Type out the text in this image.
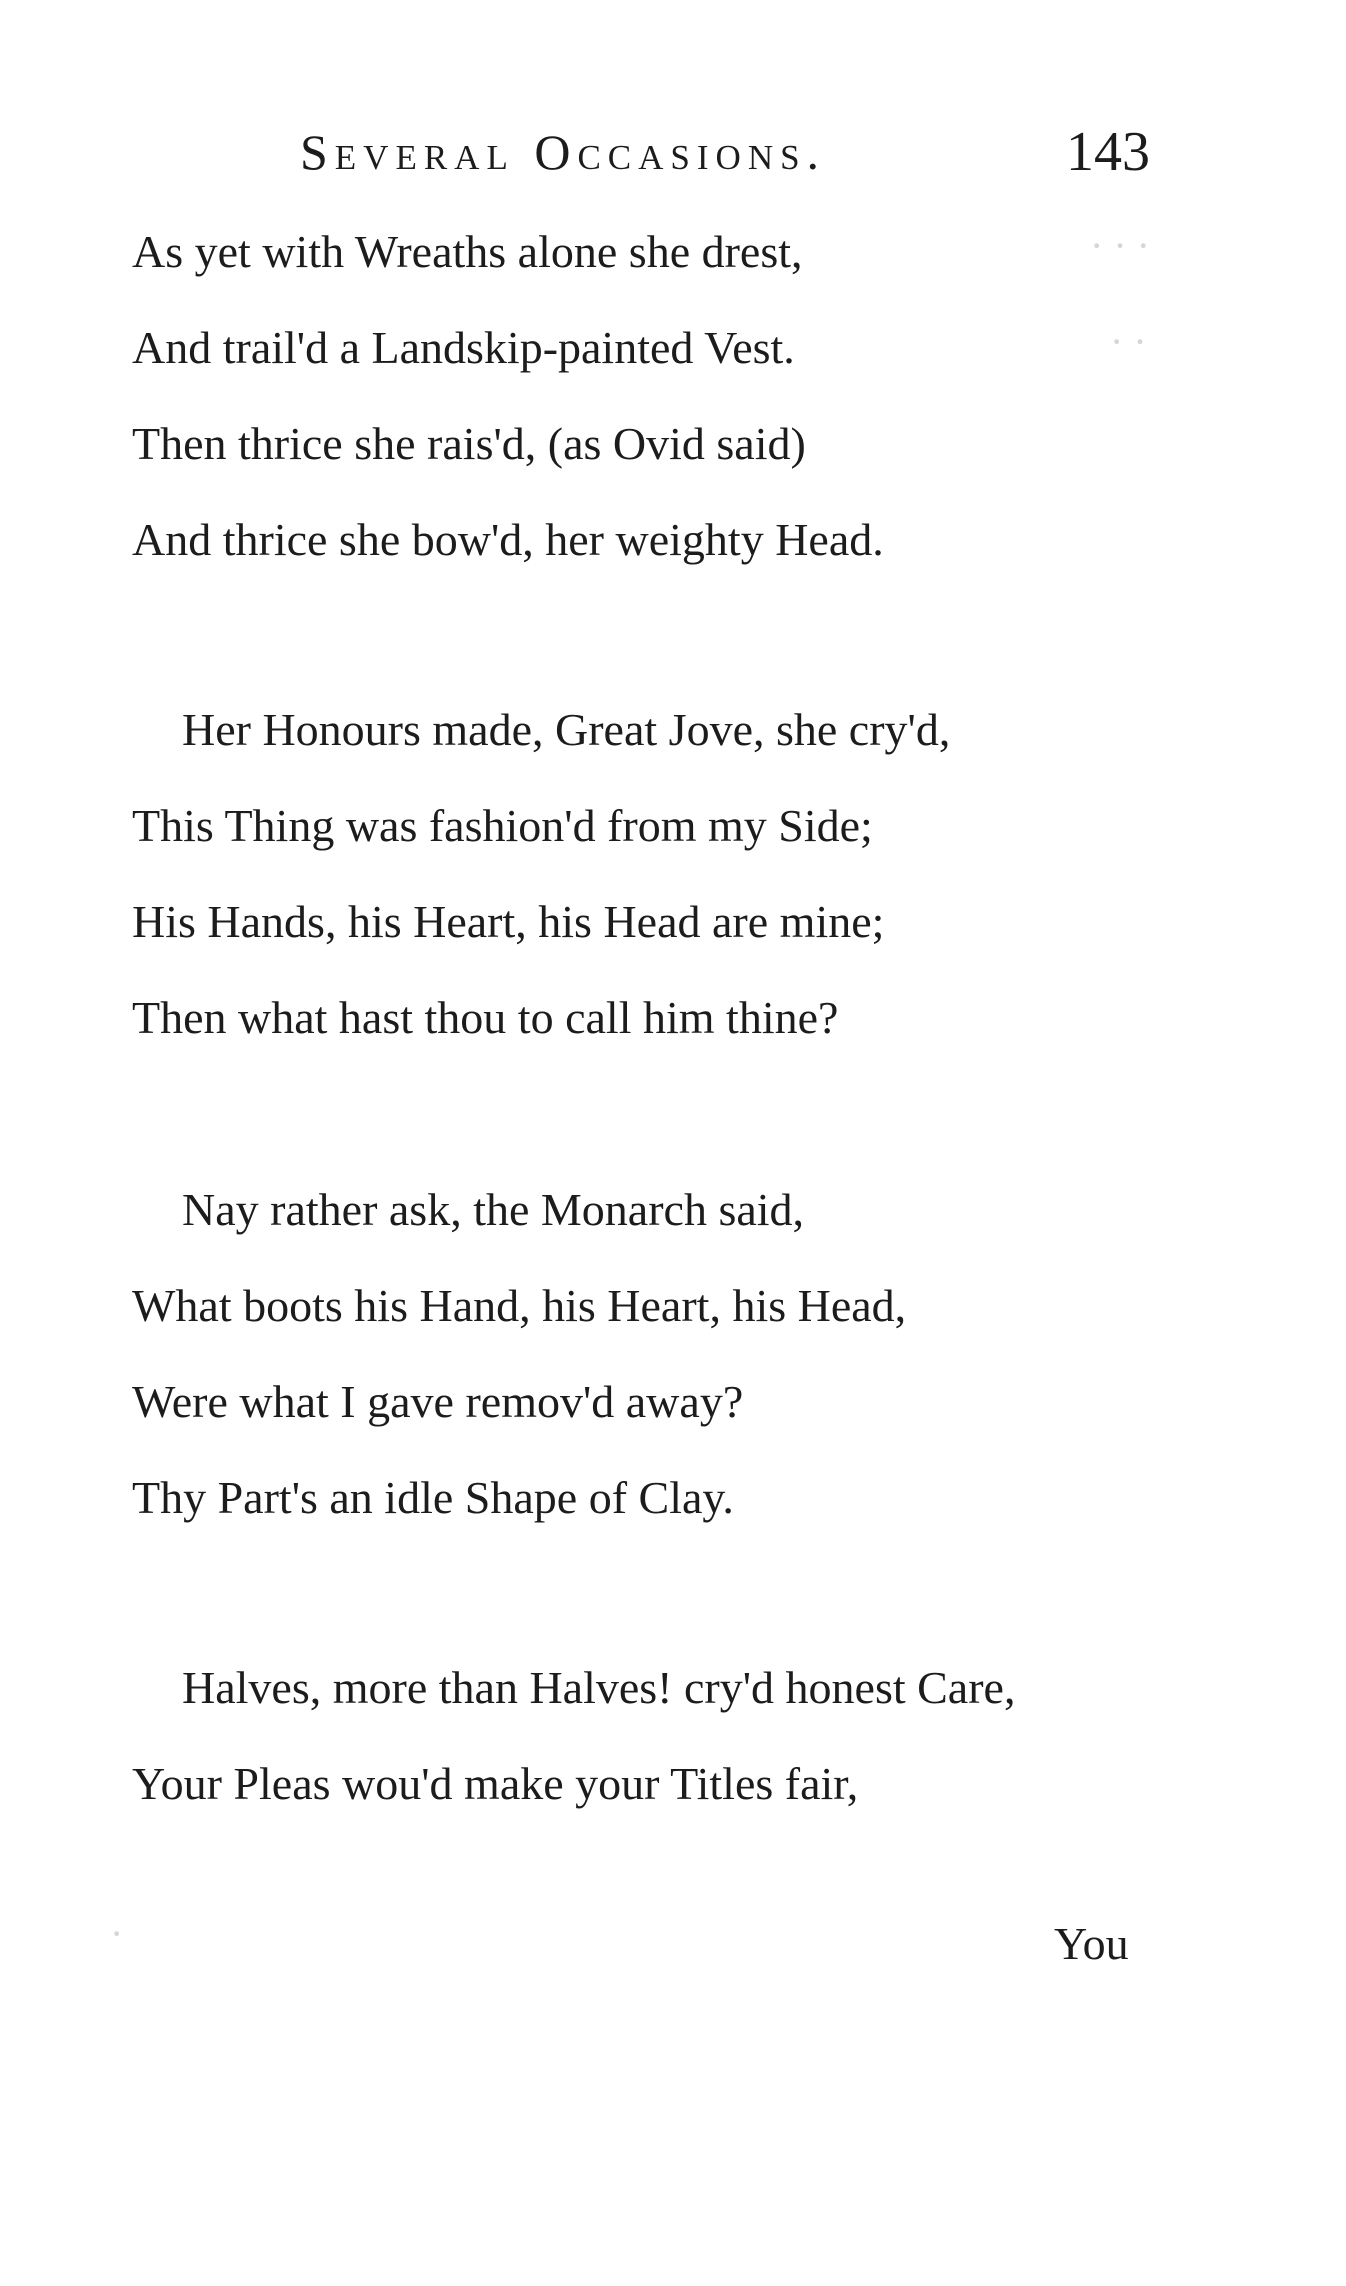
Several Occasions.	143
As yet with Wreaths alone she drest,
And trail'd a Landskip-painted Vest.
Then thrice she rais'd, (as Ovid said)
And thrice she bow'd, her weighty Head.
Her Honours made, Great Jove, she cry'd,
This Thing was fashion'd from my Side;
His Hands, his Heart, his Head are mine;
Then what hast thou to call him thine?
Nay rather ask, the Monarch said,
What boots his Hand, his Heart, his Head,
Were what I gave remov'd away?
Thy Part's an idle Shape of Clay.
Halves, more than Halves! cry'd honest Care,
Your Pleas wou'd make your Titles fair,
You
· · ·
· ·
·
